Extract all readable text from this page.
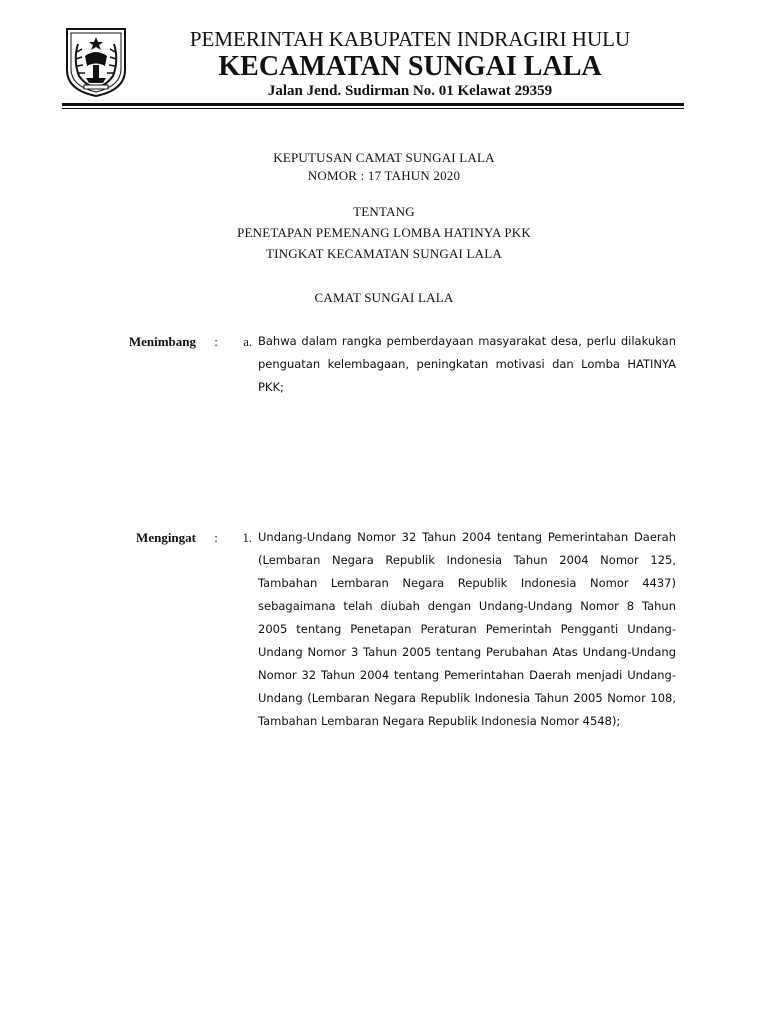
PEMERINTAH KABUPATEN INDRAGIRI HULU
KECAMATAN SUNGAI LALA
Jalan Jend. Sudirman No. 01 Kelawat 29359
KEPUTUSAN CAMAT SUNGAI LALA
NOMOR : 17 TAHUN 2020
TENTANG
PENETAPAN PEMENANG LOMBA HATINYA PKK
TINGKAT KECAMATAN SUNGAI LALA
CAMAT SUNGAI LALA
Menimbang :	a. Bahwa dalam rangka pemberdayaan masyarakat desa, perlu dilakukan penguatan kelembagaan, peningkatan motivasi dan Lomba HATINYA PKK;

Mengingat :	1. Undang-Undang Nomor 32 Tahun 2004 tentang Pemerintahan Daerah (Lembaran Negara Republik Indonesia Tahun 2004 Nomor 125, Tambahan Lembaran Negara Republik Indonesia Nomor 4437) sebagaimana telah diubah dengan Undang-Undang Nomor 8 Tahun 2005 tentang Penetapan Peraturan Pemerintah Pengganti Undang-Undang Nomor 3 Tahun 2005 tentang Perubahan Atas Undang-Undang Nomor 32 Tahun 2004 tentang Pemerintahan Daerah menjadi Undang-Undang (Lembaran Negara Republik Indonesia Tahun 2005 Nomor 108, Tambahan Lembaran Negara Republik Indonesia Nomor 4548);
